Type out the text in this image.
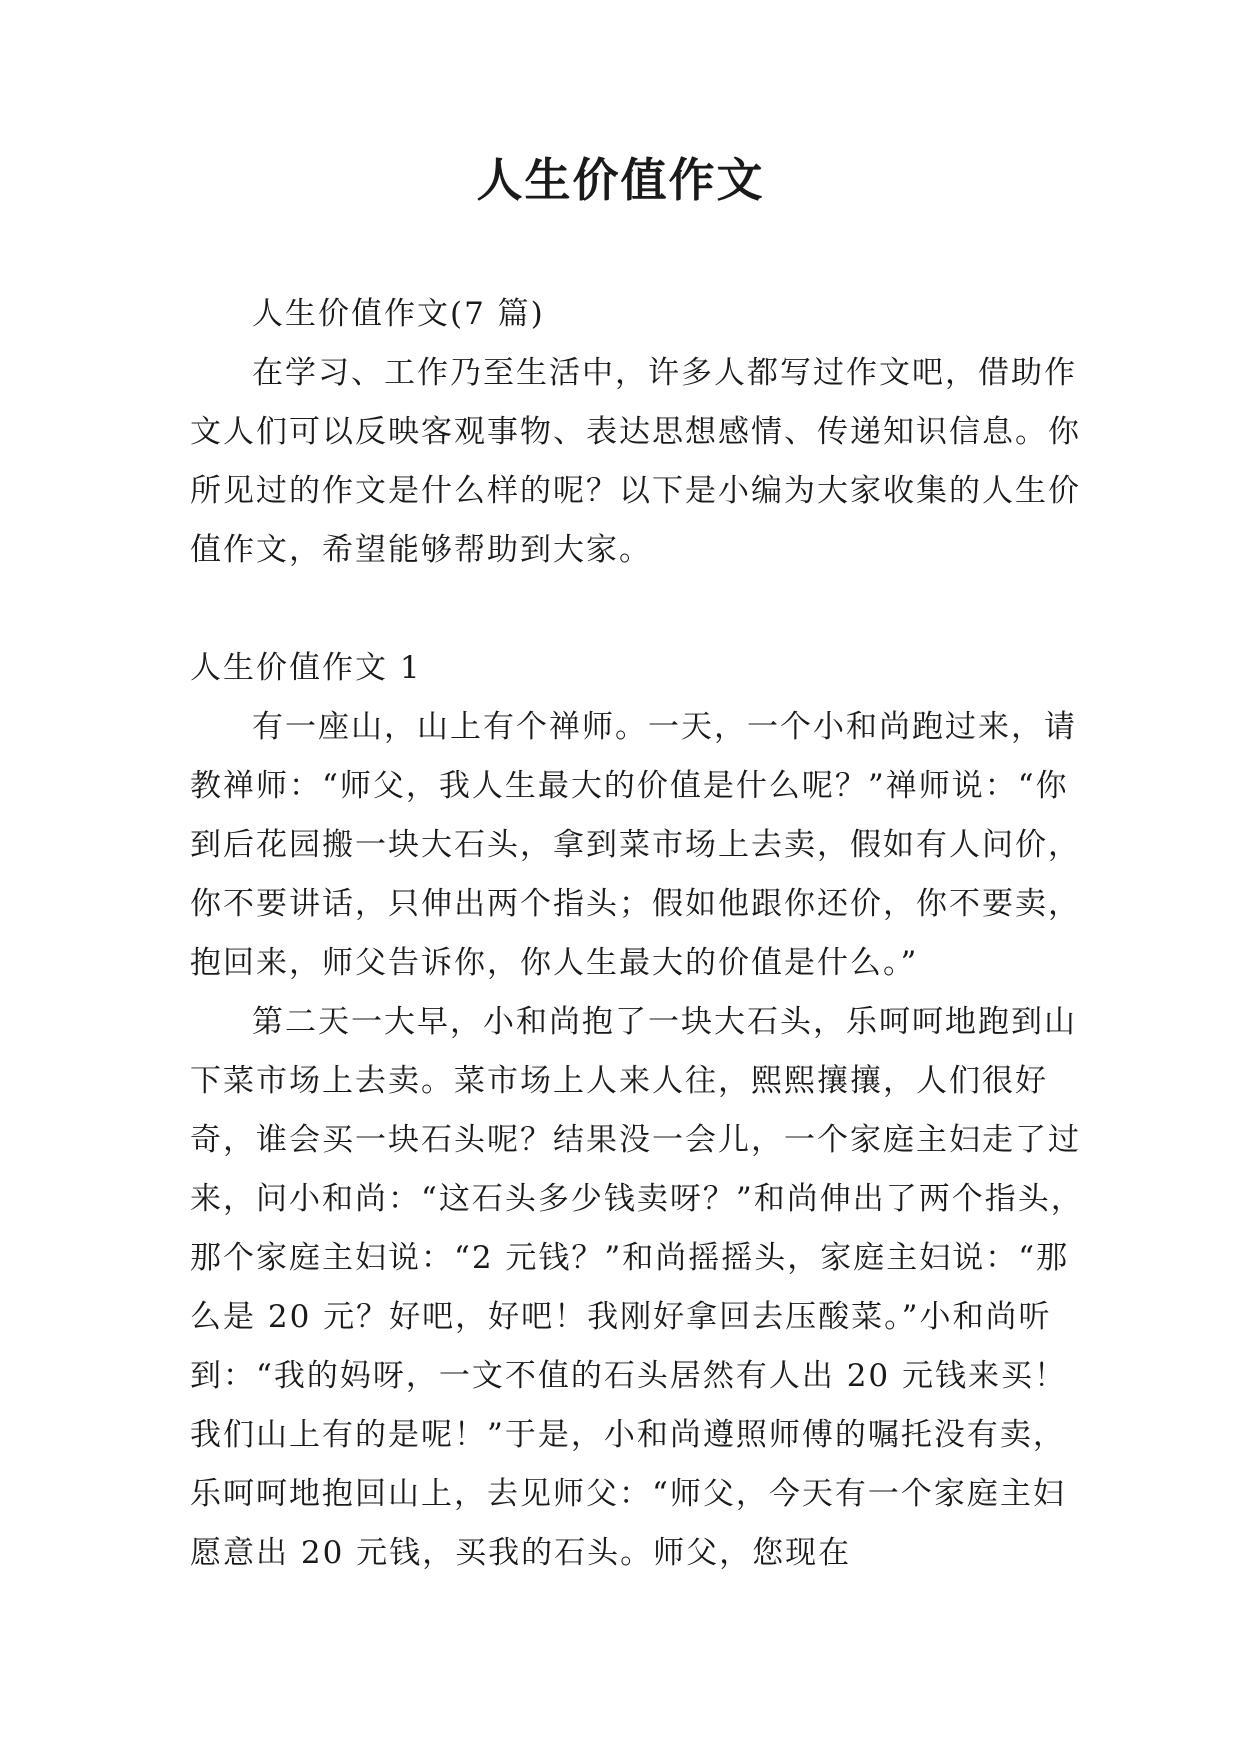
人生价值作文

人生价值作文(7 篇)

在学习、工作乃至生活中，许多人都写过作文吧，借助作文人们可以反映客观事物、表达思想感情、传递知识信息。你所见过的作文是什么样的呢？以下是小编为大家收集的人生价值作文，希望能够帮助到大家。

人生价值作文 1

有一座山，山上有个禅师。一天，一个小和尚跑过来，请教禅师：“师父，我人生最大的价值是什么呢？”禅师说：“你到后花园搬一块大石头，拿到菜市场上去卖，假如有人问价，你不要讲话，只伸出两个指头；假如他跟你还价，你不要卖，抱回来，师父告诉你，你人生最大的价值是什么。”

第二天一大早，小和尚抱了一块大石头，乐呵呵地跑到山下菜市场上去卖。菜市场上人来人往，熙熙攘攘，人们很好奇，谁会买一块石头呢？结果没一会儿，一个家庭主妇走了过来，问小和尚：“这石头多少钱卖呀？”和尚伸出了两个指头，那个家庭主妇说：“2 元钱？”和尚摇摇头，家庭主妇说：“那么是 20 元？好吧，好吧！我刚好拿回去压酸菜。”小和尚听到：“我的妈呀，一文不值的石头居然有人出 20 元钱来买！我们山上有的是呢！”于是，小和尚遵照师傅的嘱托没有卖，乐呵呵地抱回山上，去见师父：“师父，今天有一个家庭主妇愿意出 20 元钱，买我的石头。师父，您现在
